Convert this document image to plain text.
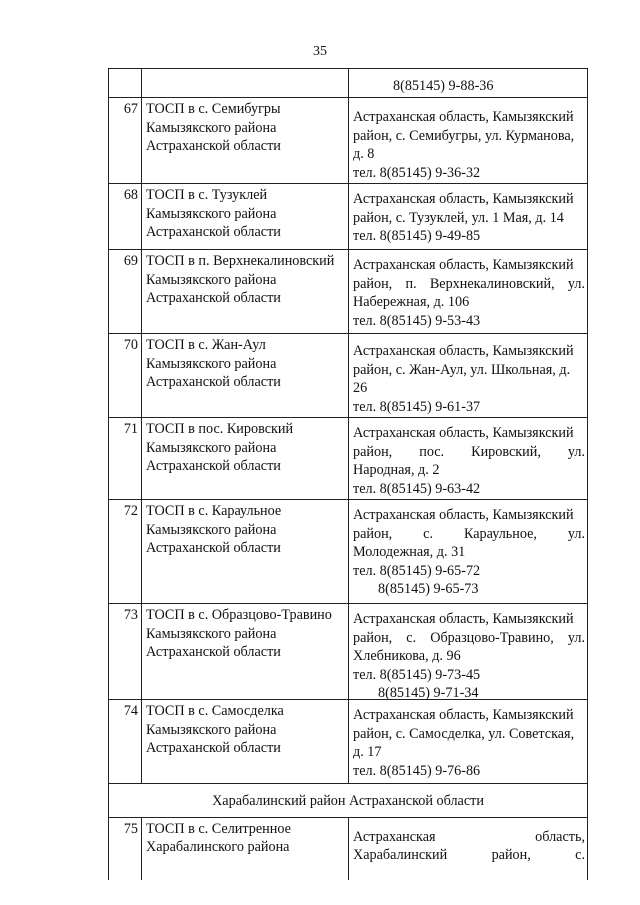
35
8(85145) 9-88-36
67 ТОСП в с. Семибугры
Камызякского района
Астраханской области
Астраханская область, Камызякский
район, с. Семибугры, ул. Курманова,
д. 8
тел. 8(85145) 9-36-32
68 ТОСП в с. Тузуклей
Камызякского района
Астраханской области
Астраханская область, Камызякский
район, с. Тузуклей, ул. 1 Мая, д. 14
тел. 8(85145) 9-49-85
69 ТОСП в п. Верхнекалиновский
Камызякского района
Астраханской области
Астраханская область, Камызякский
район, п. Верхнекалиновский, ул.
Набережная, д. 106
тел. 8(85145) 9-53-43
70 ТОСП в с. Жан-Аул
Камызякского района
Астраханской области
Астраханская область, Камызякский
район, с. Жан-Аул, ул. Школьная, д.
26
тел. 8(85145) 9-61-37
71 ТОСП в пос. Кировский
Камызякского района
Астраханской области
Астраханская область, Камызякский
район, пос. Кировский, ул.
Народная, д. 2
тел. 8(85145) 9-63-42
72 ТОСП в с. Караульное
Камызякского района
Астраханской области
Астраханская область, Камызякский
район, с. Караульное, ул.
Молодежная, д. 31
тел. 8(85145) 9-65-72
8(85145) 9-65-73
73 ТОСП в с. Образцово-Травино
Камызякского района
Астраханской области
Астраханская область, Камызякский
район, с. Образцово-Травино, ул.
Хлебникова, д. 96
тел. 8(85145) 9-73-45
8(85145) 9-71-34
74 ТОСП в с. Самосделка
Камызякского района
Астраханской области
Астраханская область, Камызякский
район, с. Самосделка, ул. Советская,
д. 17
тел. 8(85145) 9-76-86
Харабалинский район Астраханской области
75 ТОСП в с. Селитренное
Харабалинского района
Астраханская область,
Харабалинский район, с.
